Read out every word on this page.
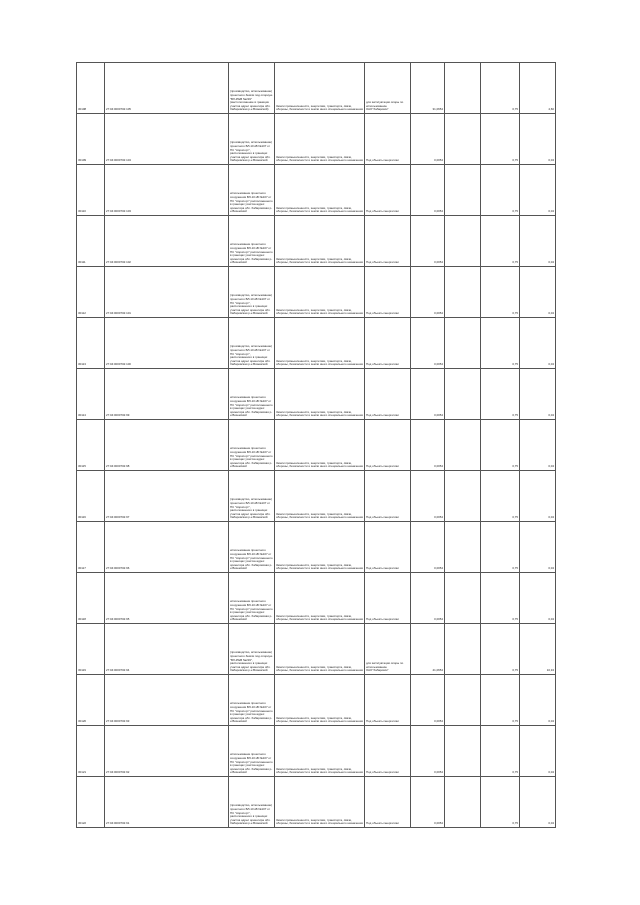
30108	27:04:0000702:105	(производство, использование) проектного Земли под опорную "ВЛ-35кВ №219" (местоположение в границах участка адрес ориентира обл. Хабаровская р-н Вяземский)	Земли промышленности, энергетики, транспорта, связи, обороны, безопасности и земли иного специального назначения	для эксплуатации опоры по использованию ОАО"Хабаровск"	31,0654		0,75	4,60
30109	27:04:0000702:104	(производство, использование) проектного ВЛ-10 кВ №107 от ПС "Аэропорт", расположенного в границах участка адрес ориентира обл. Хабаровская р-н Вяземский	Земли промышленности, энергетики, транспорта, связи, обороны, безопасности и земли иного специального назначения	Под объекты энергетики	0,0054		0,75	0,04
30110	27:04:0000702:103	использование проектного сооружения ВЛ-10 кВ №107 от ПС "Аэропорт" расположенного в границах участка адрес ориентира обл. Хабаровская р-н Вяземский	Земли промышленности, энергетики, транспорта, связи, обороны, безопасности и земли иного специального назначения	Под объекты энергетики	0,0054		0,75	0,04
30111	27:04:0000702:102	использование проектного сооружения ВЛ-10 кВ №107 от ПС "Аэропорт" расположенного в границах участка адрес ориентира обл. Хабаровская р-н Вяземский	Земли промышленности, энергетики, транспорта, связи, обороны, безопасности и земли иного специального назначения	Под объекты энергетики	0,0054		0,75	0,04
30112	27:04:0000702:101	(производство, использование) проектного ВЛ-10 кВ №107 от ПС "Аэропорт", расположенного в границах участка адрес ориентира обл. Хабаровская р-н Вяземский	Земли промышленности, энергетики, транспорта, связи, обороны, безопасности и земли иного специального назначения	Под объекты энергетики	0,0054		0,75	0,04
30113	27:04:0000702:100	(производство, использование) проектного ВЛ-10 кВ №107 от ПС "Аэропорт", расположенного в границах участка адрес ориентира обл. Хабаровская р-н Вяземский	Земли промышленности, энергетики, транспорта, связи, обороны, безопасности и земли иного специального назначения	Под объекты энергетики	0,0054		0,75	0,04
30114	27:04:0000702:99	использование проектного сооружения ВЛ-10 кВ №107 от ПС "Аэропорт" расположенного в границах участка адрес ориентира обл. Хабаровская р-н Вяземский	Земли промышленности, энергетики, транспорта, связи, обороны, безопасности и земли иного специального назначения	Под объекты энергетики	0,0054		0,75	0,04
30115	27:04:0000702:98	использование проектного сооружения ВЛ-10 кВ №107 от ПС "Аэропорт" расположенного в границах участка адрес ориентира обл. Хабаровская р-н Вяземский	Земли промышленности, энергетики, транспорта, связи, обороны, безопасности и земли иного специального назначения	Под объекты энергетики	0,0054		0,75	0,04
30116	27:04:0000702:97	(производство, использование) проектного ВЛ-10 кВ №107 от ПС "Аэропорт", расположенного в границах участка адрес ориентира обл. Хабаровская р-н Вяземский	Земли промышленности, энергетики, транспорта, связи, обороны, безопасности и земли иного специального назначения	Под объекты энергетики	0,0054		0,75	0,04
30117	27:04:0000702:96	использование проектного сооружения ВЛ-10 кВ №107 от ПС "Аэропорт" расположенного в границах участка адрес ориентира обл. Хабаровская р-н Вяземский	Земли промышленности, энергетики, транспорта, связи, обороны, безопасности и земли иного специального назначения	Под объекты энергетики	0,0054		0,75	0,04
30118	27:04:0000702:95	использование проектного сооружения ВЛ-10 кВ №107 от ПС "Аэропорт" расположенного в границах участка адрес ориентира обл. Хабаровская р-н Вяземский	Земли промышленности, энергетики, транспорта, связи, обороны, безопасности и земли иного специального назначения	Под объекты энергетики	0,0054		0,75	0,04
30119	27:04:0000702:94	(производство, использование) проектного Земли под опорную "ВЛ-35кВ №219", расположенного в границах участка адрес ориентира обл. Хабаровская р-н Вяземский	Земли промышленности, энергетики, транспорта, связи, обороны, безопасности и земли иного специального назначения	для эксплуатации опоры по использованию ОАО"Хабаровск"	41,0654		0,75	10,34
30120	27:04:0000702:93	использование проектного сооружения ВЛ-10 кВ №107 от ПС "Аэропорт" расположенного в границах участка адрес ориентира обл. Хабаровская р-н Вяземский	Земли промышленности, энергетики, транспорта, связи, обороны, безопасности и земли иного специального назначения	Под объекты энергетики	0,0054		0,75	0,04
30121	27:04:0000702:92	использование проектного сооружения ВЛ-10 кВ №107 от ПС "Аэропорт" расположенного в границах участка адрес ориентира обл. Хабаровская р-н Вяземский	Земли промышленности, энергетики, транспорта, связи, обороны, безопасности и земли иного специального назначения	Под объекты энергетики	0,0054		0,75	0,04
30122	27:04:0000702:91	(производство, использование) проектного ВЛ-10 кВ №107 от ПС "Аэропорт", расположенного в границах участка адрес ориентира обл. Хабаровская р-н Вяземский	Земли промышленности, энергетики, транспорта, связи, обороны, безопасности и земли иного специального назначения	Под объекты энергетики	0,0054		0,75	0,04
